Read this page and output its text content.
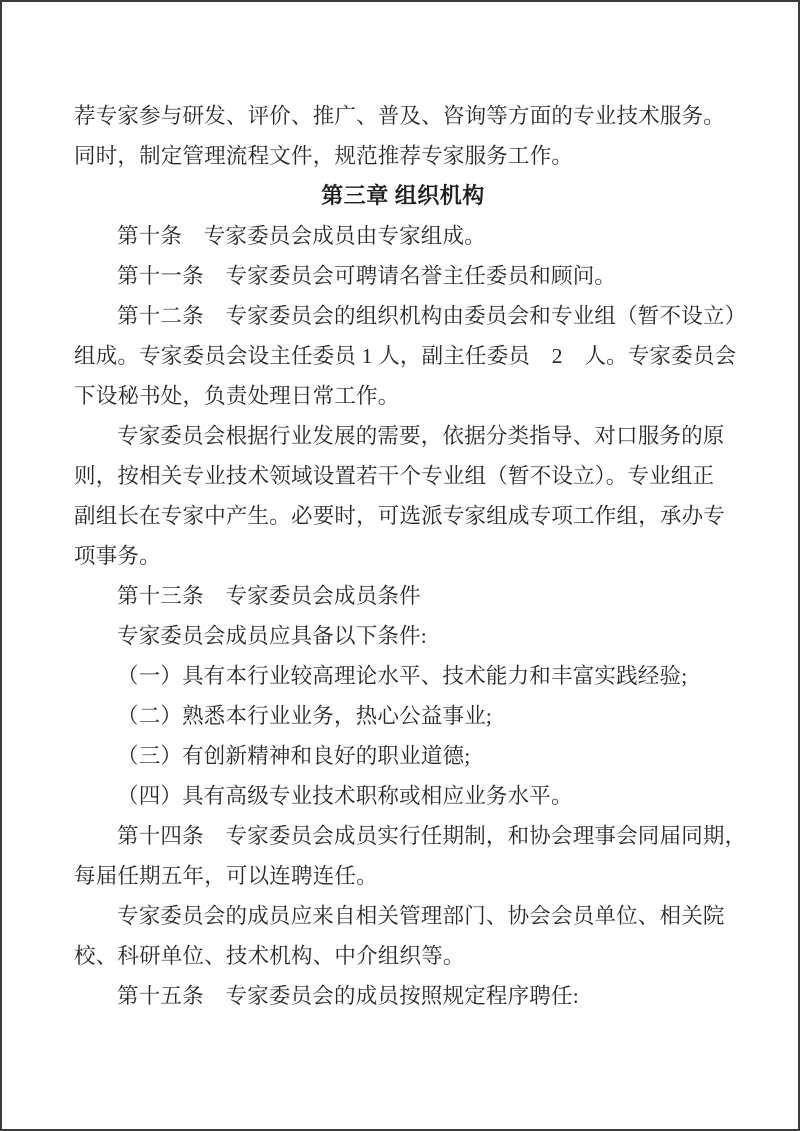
荐专家参与研发、评价、推广、普及、咨询等方面的专业技术服务。
同时，制定管理流程文件，规范推荐专家服务工作。
第三章 组织机构
第十条　专家委员会成员由专家组成。
第十一条　专家委员会可聘请名誉主任委员和顾问。
第十二条　专家委员会的组织机构由委员会和专业组（暂不设立）
组成。专家委员会设主任委员 1 人，副主任委员　2　人。专家委员会
下设秘书处，负责处理日常工作。
专家委员会根据行业发展的需要，依据分类指导、对口服务的原
则，按相关专业技术领域设置若干个专业组（暂不设立）。专业组正
副组长在专家中产生。必要时，可选派专家组成专项工作组，承办专
项事务。
第十三条　专家委员会成员条件
专家委员会成员应具备以下条件:
（一）具有本行业较高理论水平、技术能力和丰富实践经验;
（二）熟悉本行业业务，热心公益事业;
（三）有创新精神和良好的职业道德;
（四）具有高级专业技术职称或相应业务水平。
第十四条　专家委员会成员实行任期制，和协会理事会同届同期，
每届任期五年，可以连聘连任。
专家委员会的成员应来自相关管理部门、协会会员单位、相关院
校、科研单位、技术机构、中介组织等。
第十五条　专家委员会的成员按照规定程序聘任:
